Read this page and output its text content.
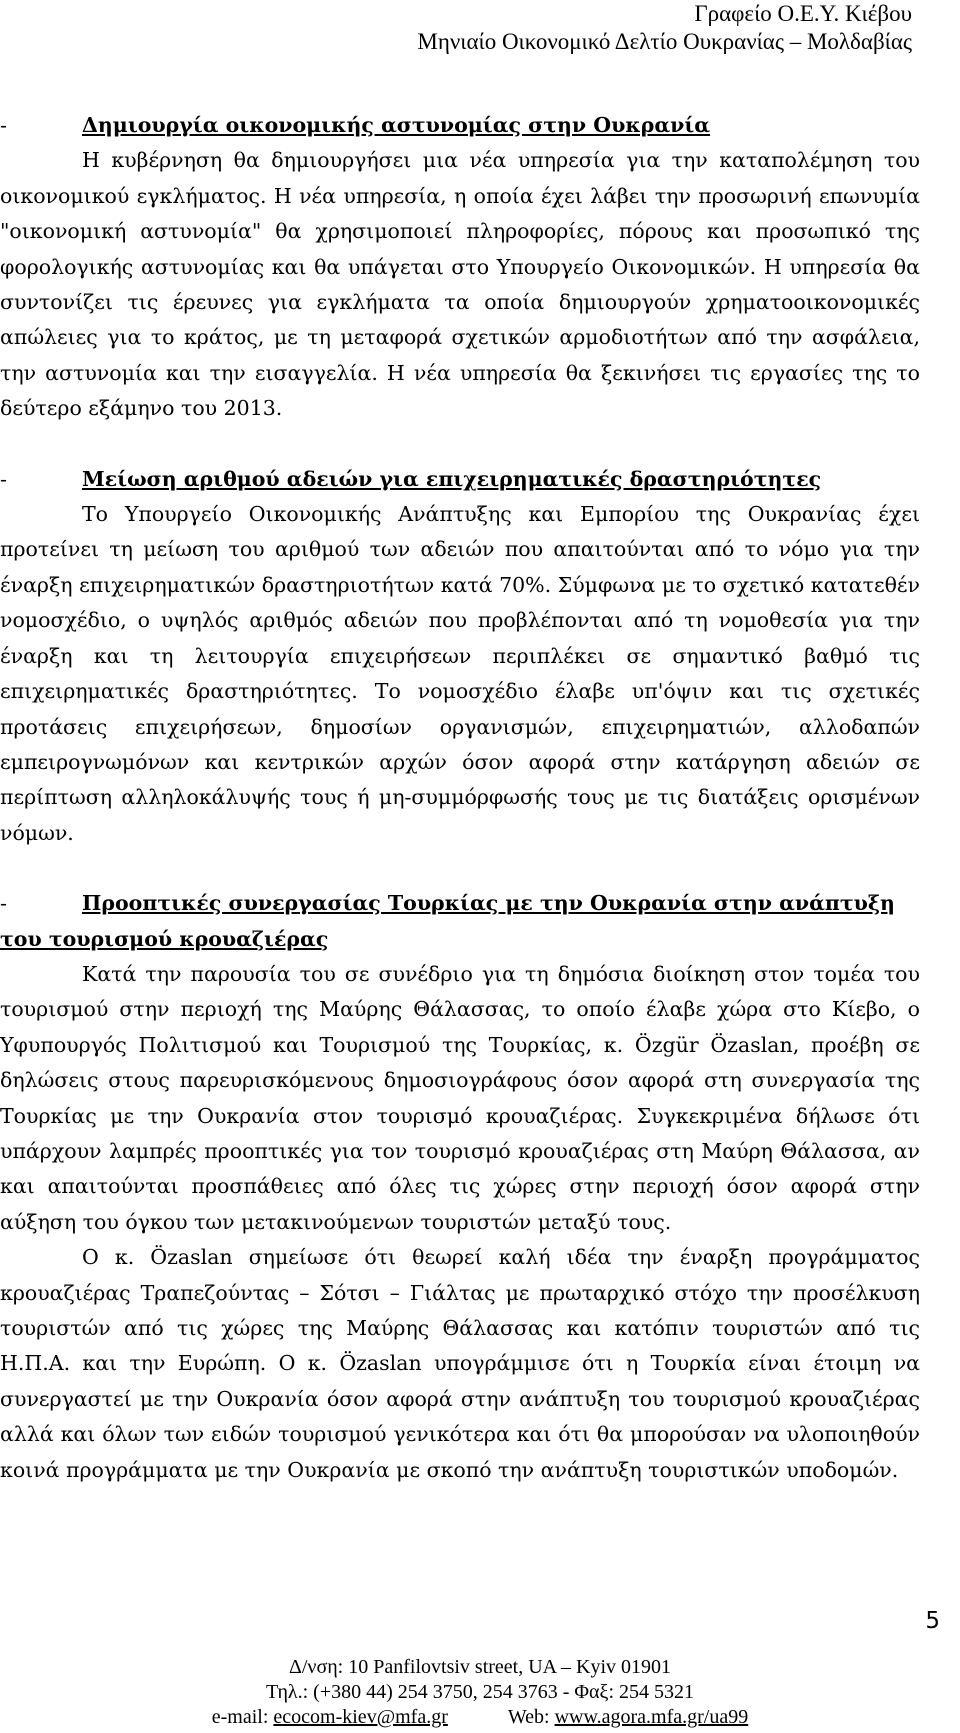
Γραφείο Ο.Ε.Υ. Κιέβου
Μηνιαίο Οικονομικό Δελτίο Ουκρανίας – Μολδαβίας
-	Δημιουργία οικονομικής αστυνομίας στην Ουκρανία

Η κυβέρνηση θα δημιουργήσει μια νέα υπηρεσία για την καταπολέμηση του οικονομικού εγκλήματος. Η νέα υπηρεσία, η οποία έχει λάβει την προσωρινή επωνυμία "οικονομική αστυνομία" θα χρησιμοποιεί πληροφορίες, πόρους και προσωπικό της φορολογικής αστυνομίας και θα υπάγεται στο Υπουργείο Οικονομικών. Η υπηρεσία θα συντονίζει τις έρευνες για εγκλήματα τα οποία δημιουργούν χρηματοοικονομικές απώλειες για το κράτος, με τη μεταφορά σχετικών αρμοδιοτήτων από την ασφάλεια, την αστυνομία και την εισαγγελία. Η νέα υπηρεσία θα ξεκινήσει τις εργασίες της το δεύτερο εξάμηνο του 2013.

-	Μείωση αριθμού αδειών για επιχειρηματικές δραστηριότητες

Το Υπουργείο Οικονομικής Ανάπτυξης και Εμπορίου της Ουκρανίας έχει προτείνει τη μείωση του αριθμού των αδειών που απαιτούνται από το νόμο για την έναρξη επιχειρηματικών δραστηριοτήτων κατά 70%. Σύμφωνα με το σχετικό κατατεθέν νομοσχέδιο, ο υψηλός αριθμός αδειών που προβλέπονται από τη νομοθεσία για την έναρξη και τη λειτουργία επιχειρήσεων περιπλέκει σε σημαντικό βαθμό τις επιχειρηματικές δραστηριότητες. Το νομοσχέδιο έλαβε υπ'όψιν και τις σχετικές προτάσεις επιχειρήσεων, δημοσίων οργανισμών, επιχειρηματιών, αλλοδαπών εμπειρογνωμόνων και κεντρικών αρχών όσον αφορά στην κατάργηση αδειών σε περίπτωση αλληλοκάλυψής τους ή μη-συμμόρφωσής τους με τις διατάξεις ορισμένων νόμων.

-	Προοπτικές συνεργασίας Τουρκίας με την Ουκρανία στην ανάπτυξη του τουρισμού κρουαζιέρας

Κατά την παρουσία του σε συνέδριο για τη δημόσια διοίκηση στον τομέα του τουρισμού στην περιοχή της Μαύρης Θάλασσας, το οποίο έλαβε χώρα στο Κίεβο, ο Υφυπουργός Πολιτισμού και Τουρισμού της Τουρκίας, κ. Özgür Özaslan, προέβη σε δηλώσεις στους παρευρισκόμενους δημοσιογράφους όσον αφορά στη συνεργασία της Τουρκίας με την Ουκρανία στον τουρισμό κρουαζιέρας. Συγκεκριμένα δήλωσε ότι υπάρχουν λαμπρές προοπτικές για τον τουρισμό κρουαζιέρας στη Μαύρη Θάλασσα, αν και απαιτούνται προσπάθειες από όλες τις χώρες στην περιοχή όσον αφορά στην αύξηση του όγκου των μετακινούμενων τουριστών μεταξύ τους.

Ο κ. Özaslan σημείωσε ότι θεωρεί καλή ιδέα την έναρξη προγράμματος κρουαζιέρας Τραπεζούντας – Σότσι – Γιάλτας με πρωταρχικό στόχο την προσέλκυση τουριστών από τις χώρες της Μαύρης Θάλασσας και κατόπιν τουριστών από τις Η.Π.Α. και την Ευρώπη. Ο κ. Özaslan υπογράμμισε ότι η Τουρκία είναι έτοιμη να συνεργαστεί με την Ουκρανία όσον αφορά στην ανάπτυξη του τουρισμού κρουαζιέρας αλλά και όλων των ειδών τουρισμού γενικότερα και ότι θα μπορούσαν να υλοποιηθούν κοινά προγράμματα με την Ουκρανία με σκοπό την ανάπτυξη τουριστικών υποδομών.

5
Δ/νση: 10 Panfilovtsiv street, UA – Kyiv 01901
Τηλ.: (+380 44) 254 3750, 254 3763 - Φαξ: 254 5321
e-mail: ecocom-kiev@mfa.gr	Web: www.agora.mfa.gr/ua99
